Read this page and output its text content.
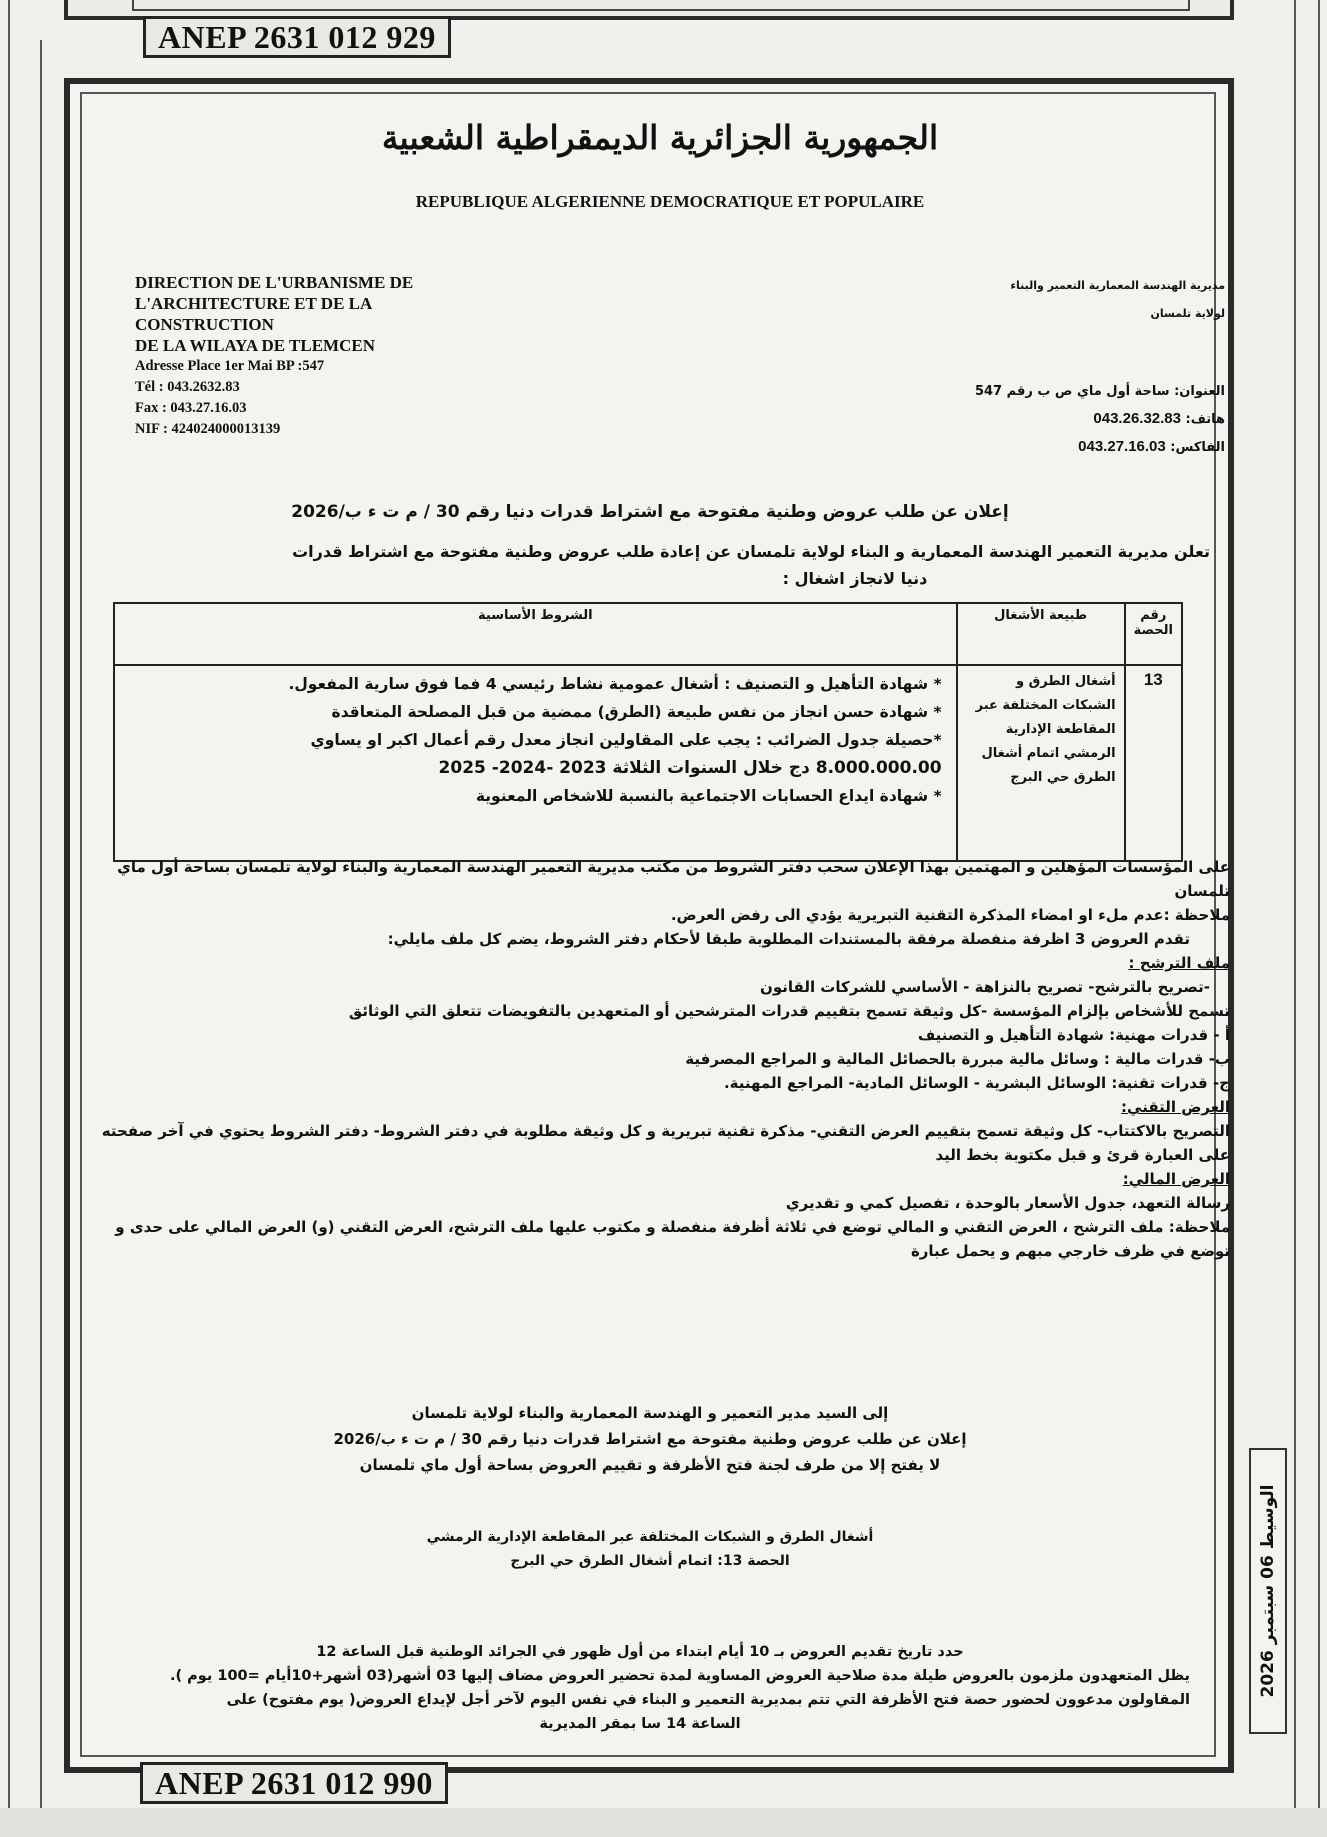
ANEP 2631 012 929
الجمهورية الجزائرية الديمقراطية الشعبية
REPUBLIQUE ALGERIENNE DEMOCRATIQUE ET POPULAIRE
DIRECTION DE L'URBANISME DE
L'ARCHITECTURE ET DE LA
CONSTRUCTION
DE LA WILAYA DE TLEMCEN
Adresse Place 1er Mai BP :547
Tél : 043.2632.83
Fax : 043.27.16.03
NIF : 424024000013139
مديرية الهندسة المعمارية التعمير والبناء
لولاية تلمسان
العنوان: ساحة أول ماي ص ب رقم 547
هاتف: 043.26.32.83
الفاكس: 043.27.16.03
إعلان عن طلب عروض وطنية مفتوحة مع اشتراط قدرات دنيا رقم 30 / م ت ء ب/2026
تعلن مديرية التعمير الهندسة المعمارية و البناء لولاية تلمسان عن إعادة طلب عروض وطنية مفتوحة مع اشتراط قدرات
دنيا لانجاز اشغال :
رقم الحصة	طبيعة الأشغال	الشروط الأساسية
13	أشغال الطرق و الشبكات المختلفة عبر المقاطعة الإدارية الرمشي اتمام أشغال الطرق حي البرج	* شهادة التأهيل و التصنيف : أشغال عمومية نشاط رئيسي 4 فما فوق سارية المفعول.
* شهادة حسن انجاز من نفس طبيعة (الطرق) ممضية من قبل المصلحة المتعاقدة
*حصيلة جدول الضرائب : يجب على المقاولين انجاز معدل رقم أعمال اكبر او يساوي
8.000.000.00 دج خلال السنوات الثلاثة 2023 -2024- 2025
* شهادة ايداع الحسابات الاجتماعية بالنسبة للاشخاص المعنوية
على المؤسسات المؤهلين و المهتمين بهذا الإعلان سحب دفتر الشروط من مكتب مديرية التعمير الهندسة المعمارية والبناء لولاية تلمسان بساحة أول ماي
تلمسان
ملاحظة :عدم ملء او امضاء المذكرة التقنية التبريرية يؤدي الى رفض العرض.
تقدم العروض 3 اظرفة منفصلة مرفقة بالمستندات المطلوبة طبقا لأحكام دفتر الشروط، يضم كل ملف مايلي:
ملف الترشح :
-تصريح بالترشح- تصريح بالنزاهة - الأساسي للشركات القانون
تسمح للأشخاص بإلزام المؤسسة -كل وثيقة تسمح بتقييم قدرات المترشحين أو المتعهدين بالتفويضات تتعلق التي الوثائق
أ - قدرات مهنية: شهادة التأهيل و التصنيف
ب- قدرات مالية : وسائل مالية مبررة بالحصائل المالية و المراجع المصرفية
ج- قدرات تقنية: الوسائل البشرية - الوسائل المادية- المراجع المهنية.
العرض التقني:
التصريح بالاكتتاب- كل وثيقة تسمح بتقييم العرض التقني- مذكرة تقنية تبريرية و كل وثيقة مطلوبة في دفتر الشروط- دفتر الشروط يحتوي في آخر صفحته
على العبارة قرئ و قبل مكتوبة بخط اليد
العرض المالي:
رسالة التعهد، جدول الأسعار بالوحدة ، تفصيل كمي و تقديري
ملاحظة: ملف الترشح ، العرض التقني و المالي توضع في ثلاثة أظرفة منفصلة و مكتوب عليها ملف الترشح، العرض التقني (و) العرض المالي على حدى و
توضع في ظرف خارجي مبهم و يحمل عبارة
إلى السيد مدير التعمير و الهندسة المعمارية والبناء لولاية تلمسان
إعلان عن طلب عروض وطنية مفتوحة مع اشتراط قدرات دنيا رقم 30 / م ت ء ب/2026
لا يفتح إلا من طرف لجنة فتح الأظرفة و تقييم العروض بساحة أول ماي تلمسان
أشغال الطرق و الشبكات المختلفة عبر المقاطعة الإدارية الرمشي
الحصة 13: اتمام أشغال الطرق حي البرج
حدد تاريخ تقديم العروض بـ 10 أيام ابتداء من أول ظهور في الجرائد الوطنية قبل الساعة 12
يظل المتعهدون ملزمون بالعروض طيلة مدة صلاحية العروض المساوية لمدة تحضير العروض مضاف إليها 03 أشهر(03 أشهر+10أيام =100 يوم ).
المقاولون مدعوون لحضور حصة فتح الأظرفة التي تتم بمديرية التعمير و البناء في نفس اليوم لآخر أجل لإيداع العروض( يوم مفتوح) على
الساعة 14 سا بمقر المديرية
الوسيط 06 سبتمبر 2026
ANEP 2631 012 990
